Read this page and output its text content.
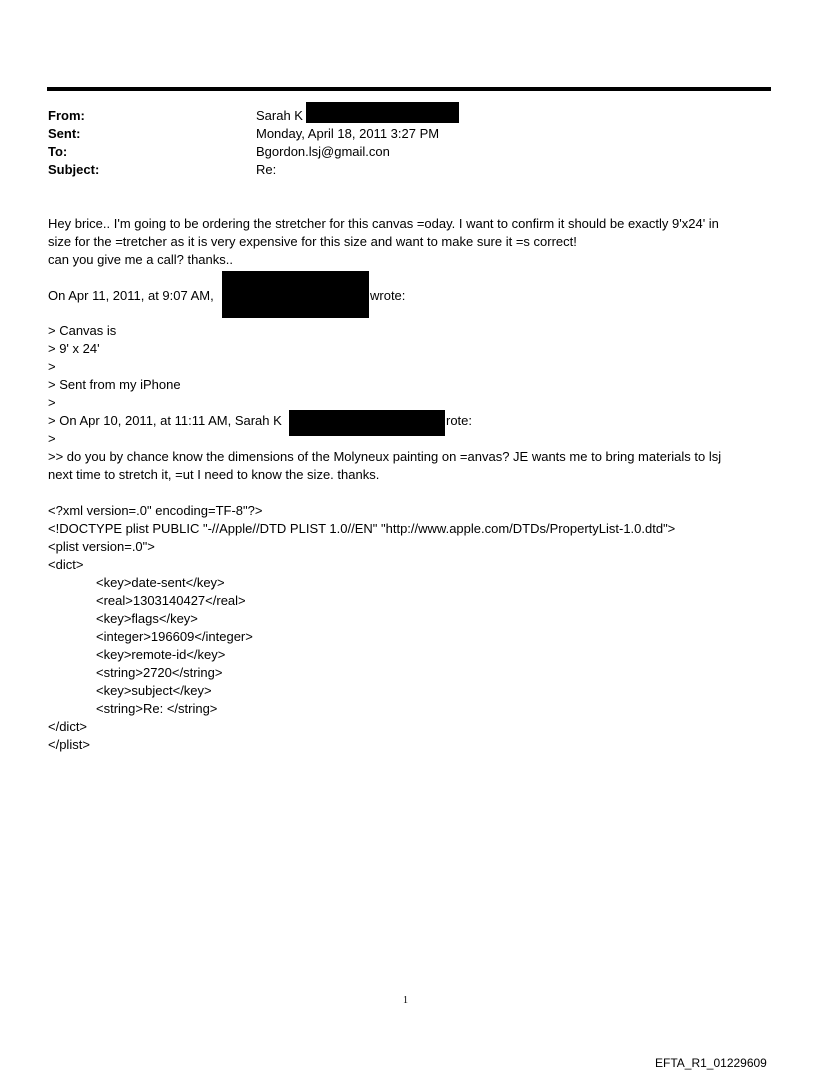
From:	Sarah K
Sent:	Monday, April 18, 2011 3:27 PM
To:	Bgordon.lsj@gmail.con
Subject:	Re:
Hey brice.. I'm going to be ordering the stretcher for this canvas =oday. I want to confirm it should be exactly 9'x24' in
size for the =tretcher as it is very expensive for this size and want to make sure it =s correct!
can you give me a call? thanks..
On Apr 11, 2011, at 9:07 AM,	wrote:
> Canvas is
> 9' x 24'
>
> Sent from my iPhone
>
> On Apr 10, 2011, at 11:11 AM, Sarah K	rote:
>
>> do you by chance know the dimensions of the Molyneux painting on =anvas? JE wants me to bring materials to lsj
next time to stretch it, =ut I need to know the size. thanks.
<?xml version=.0" encoding=TF-8"?>
<!DOCTYPE plist PUBLIC "-//Apple//DTD PLIST 1.0//EN" "http://www.apple.com/DTDs/PropertyList-1.0.dtd">
<plist version=.0">
<dict>
<key>date-sent</key>
<real>1303140427</real>
<key>flags</key>
<integer>196609</integer>
<key>remote-id</key>
<string>2720</string>
<key>subject</key>
<string>Re: </string>
</dict>
</plist>
1
EFTA_R1_01229609
